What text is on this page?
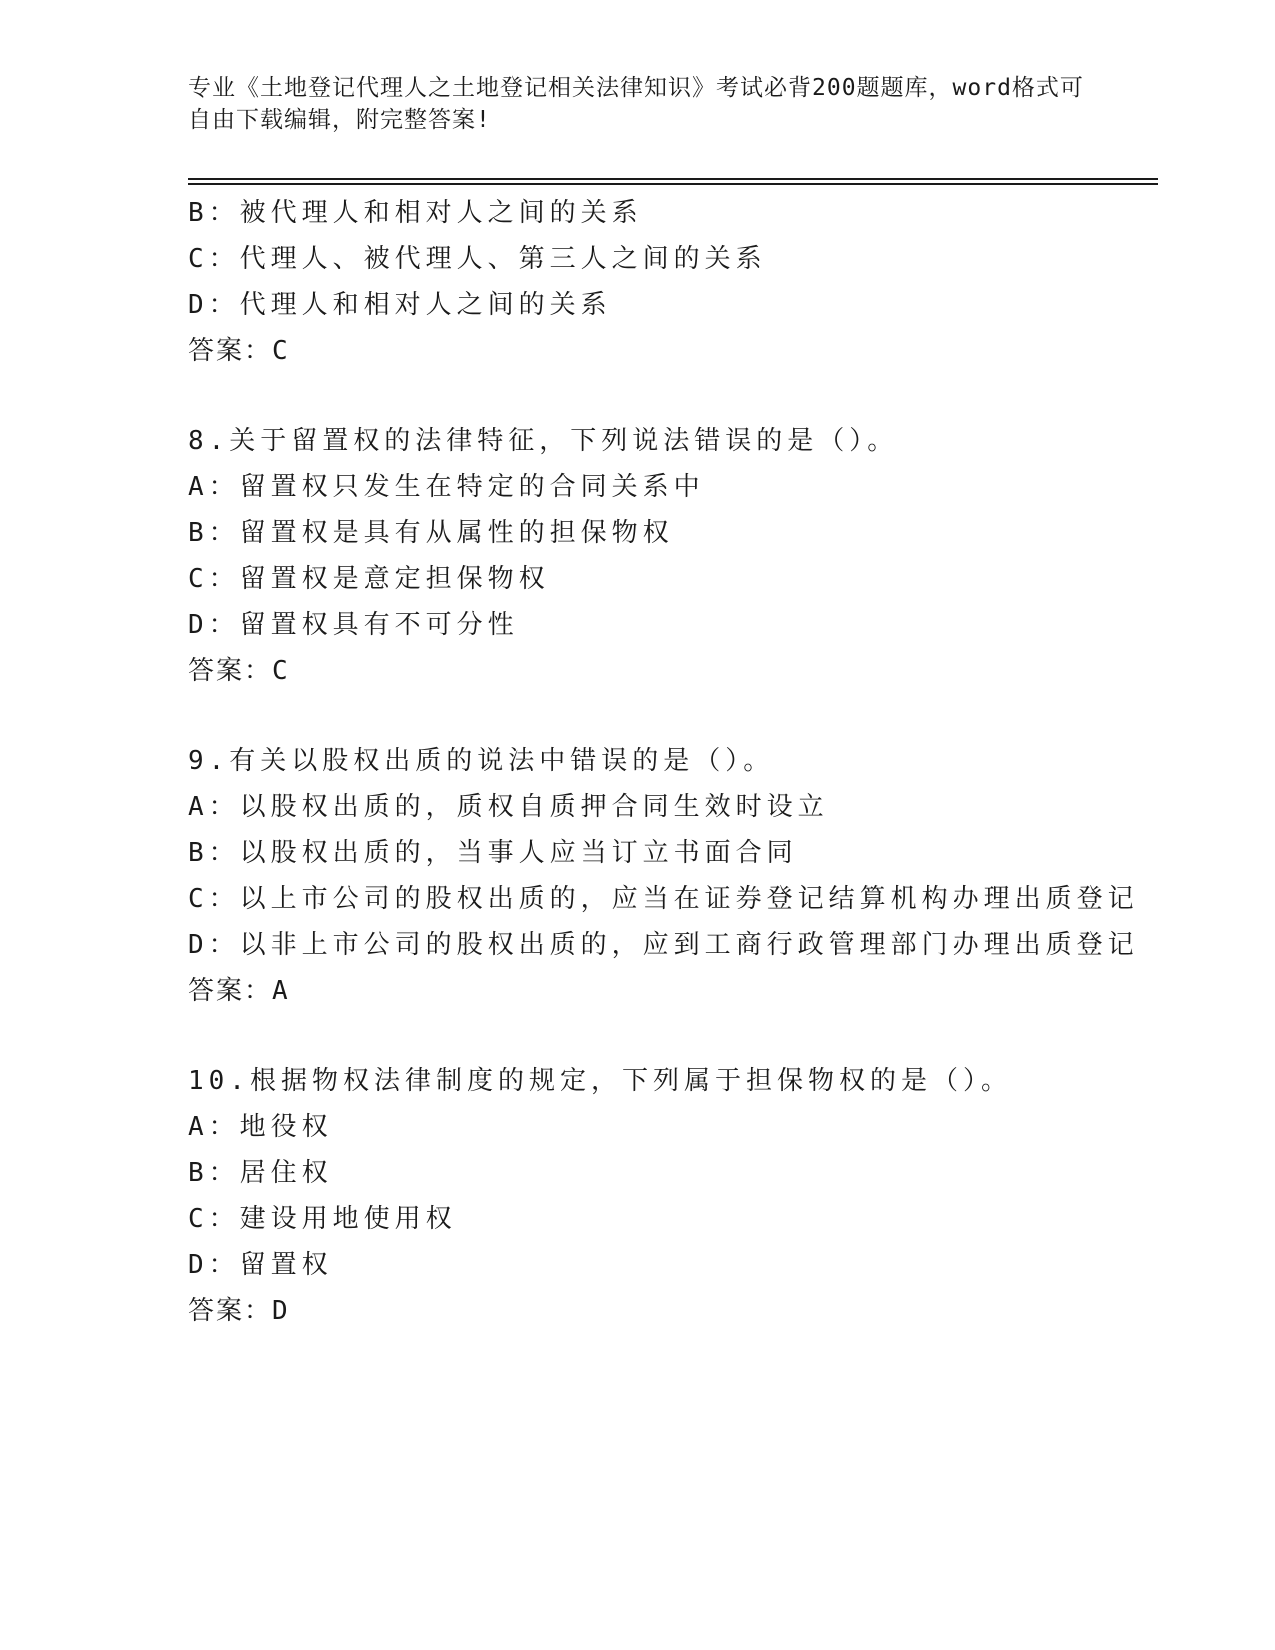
专业《土地登记代理人之土地登记相关法律知识》考试必背200题题库，word格式可自由下载编辑，附完整答案!
B：被代理人和相对人之间的关系
C：代理人、被代理人、第三人之间的关系
D：代理人和相对人之间的关系
答案：C
8.关于留置权的法律特征，下列说法错误的是（）。
A：留置权只发生在特定的合同关系中
B：留置权是具有从属性的担保物权
C：留置权是意定担保物权
D：留置权具有不可分性
答案：C
9.有关以股权出质的说法中错误的是（）。
A：以股权出质的，质权自质押合同生效时设立
B：以股权出质的，当事人应当订立书面合同
C：以上市公司的股权出质的，应当在证券登记结算机构办理出质登记
D：以非上市公司的股权出质的，应到工商行政管理部门办理出质登记
答案：A
10.根据物权法律制度的规定，下列属于担保物权的是（）。
A：地役权
B：居住权
C：建设用地使用权
D：留置权
答案：D
